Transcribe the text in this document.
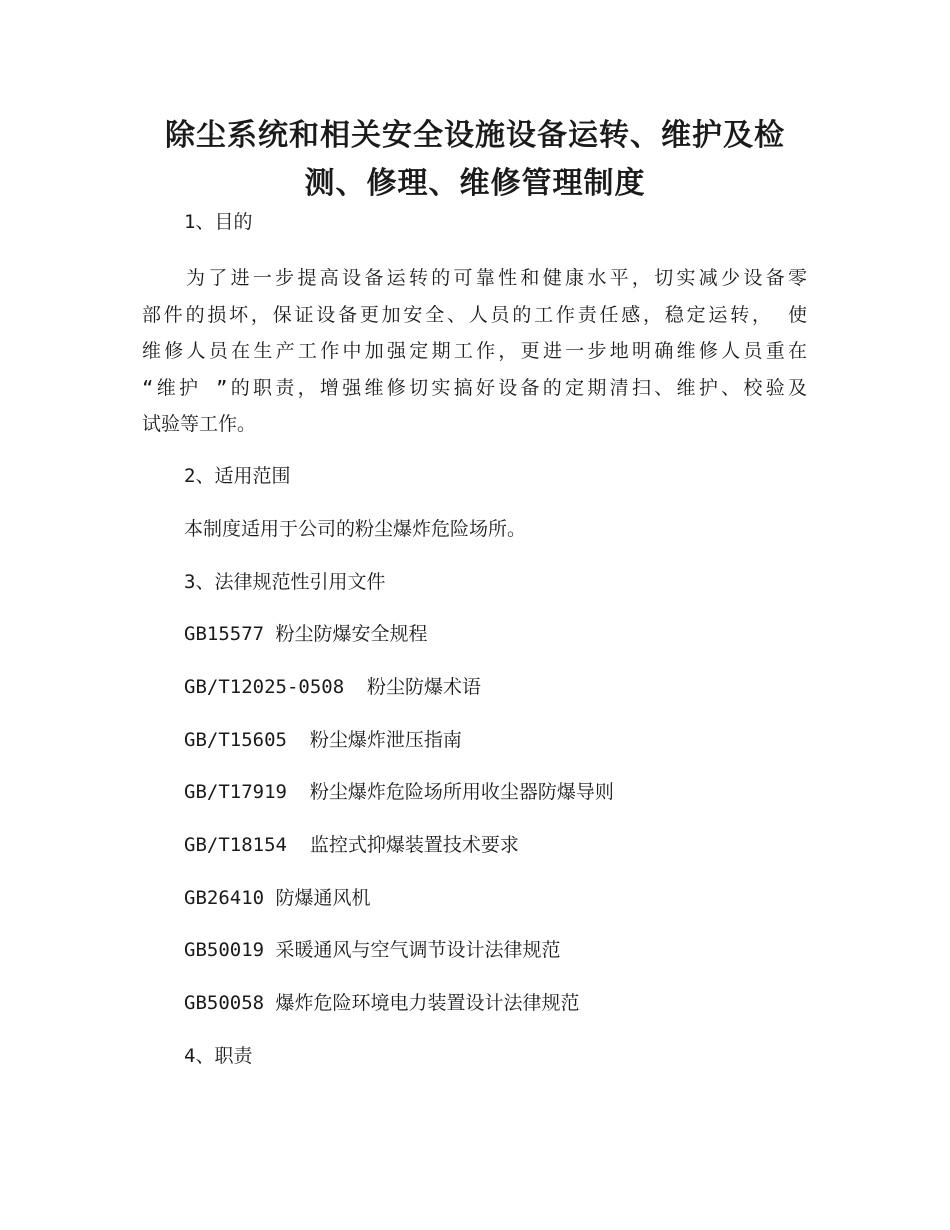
除尘系统和相关安全设施设备运转、维护及检
测、修理、维修管理制度

1、目的

为了进一步提高设备运转的可靠性和健康水平，切实减少设备零
部件的损坏，保证设备更加安全、人员的工作责任感，稳定运转， 使
维修人员在生产工作中加强定期工作，更进一步地明确维修人员重在
“维护 ”的职责，增强维修切实搞好设备的定期清扫、维护、校验及
试验等工作。

2、适用范围

本制度适用于公司的粉尘爆炸危险场所。

3、法律规范性引用文件

GB15577 粉尘防爆安全规程

GB/T12025-0508  粉尘防爆术语

GB/T15605  粉尘爆炸泄压指南

GB/T17919  粉尘爆炸危险场所用收尘器防爆导则

GB/T18154  监控式抑爆装置技术要求

GB26410 防爆通风机

GB50019 采暖通风与空气调节设计法律规范

GB50058 爆炸危险环境电力装置设计法律规范

4、职责
